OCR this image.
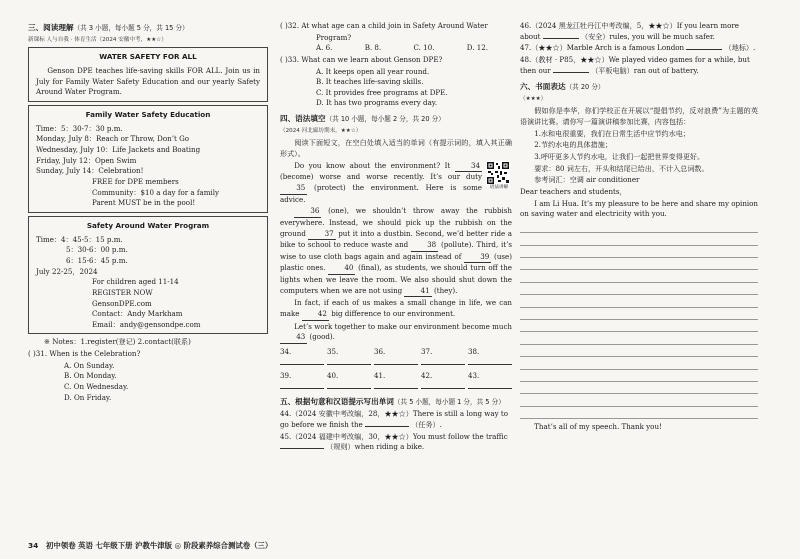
三、阅读理解（共 3 小题，每小题 5 分，共 15 分）
新课标 人与自我 · 体育生活（2024 安徽中考，★★☆）
WATER SAFETY FOR ALL

Genson DPE teaches life-saving skills FOR ALL. Join us in July for Family Water Safety Education and our yearly Safety Around Water Program.

Family Water Safety Education
Time：5：30-7：30 p.m.
Monday, July 8：Reach or Throw, Don’t Go
Wednesday, July 10：Life Jackets and Boating
Friday, July 12：Open Swim
Sunday, July 14：Celebration!
FREE for DPE members
Community：$10 a day for a family
Parent MUST be in the pool!
Safety Around Water Program
Time：4：45-5：15 p.m.
5：30-6：00 p.m.
6：15-6：45 p.m.
July 22-25，2024
For children aged 11-14
REGISTER NOW
GensonDPE.com
Contact：Andy Markham
Email：andy@gensondpe.com
※ Notes：1.register(登记) 2.contact(联系)
( )31. When is the Celebration?
A. On Sunday.
B. On Monday.
C. On Wednesday.
D. On Friday.
( )32. At what age can a child join in Safety Around Water
Program?
A. 6.	B. 8.	C. 10.	D. 12.
( )33. What can we learn about Genson DPE?
A. It keeps open all year round.
B. It teaches life-saving skills.
C. It provides free programs at DPE.
D. It has two programs every day.
四、语法填空（共 10 小题，每小题 2 分，共 20 分）
（2024 河北廊坊期末，★★☆）
阅读下面短文，在空白处填入适当的单词（有提示词的，填入其正确形式）。
语法讲解
Do you know about the environment? It	34 (become) worse and worse recently. It’s our duty 35 (protect) the environment. Here is some advice.
36 (one), we shouldn’t throw away the rubbish everywhere. Instead, we should pick up the rubbish on the ground	37 put it into a dustbin. Second, we’d better ride a bike to school to reduce waste and	38 (pollute). Third, it’s wise to use cloth bags again and again instead of	39 (use) plastic ones.	40 (final), as students, we should turn off the lights when we leave the room. We also should shut down the computers when we are not using	41 (they).
In fact, if each of us makes a small change in life, we can make	42 big difference to our environment.
Let’s work together to make our environment become much 43 (good).
34.	35.	36.	37.	38.
39.	40.	41.	42.	43.
五、根据句意和汉语提示写出单词（共 5 小题，每小题 1 分，共 5 分）
44.（2024 安徽中考改编，28，★★☆）There is still a long way to go before we finish the	（任务）.
45.（2024 福建中考改编，30，★★☆）You must follow the traffic  （规则）when riding a bike.
46.（2024 黑龙江牡丹江中考改编，5，★★☆）If you learn more about	（安全）rules, you will be much safer.
47.（★★☆）Marble Arch is a famous London	（地标）.
48.（教材 · P85，★★☆）We played video games for a while, but then our	（平板电脑）ran out of battery.
六、书面表达（共 20 分）
（★★★）
假如你是李华，你们学校正在开展以“提倡节约，反对浪费”为主题的英语演讲比赛。请你写一篇演讲稿参加比赛，内容包括：
1.水和电很重要，我们在日常生活中应节约水电；
2.节约水电的具体措施；
3.呼吁更多人节约水电，让我们一起把世界变得更好。
要求：80 词左右，开头和结尾已给出，不计入总词数。
参考词汇：空调 air conditioner
Dear teachers and students，
I am Li Hua. It’s my pleasure to be here and share my opinion on saving water and electricity with you.
That’s all of my speech. Thank you!
34 初中领卷 英语 七年级下册 沪教牛津版 ◎ 阶段素养综合测试卷（三）
